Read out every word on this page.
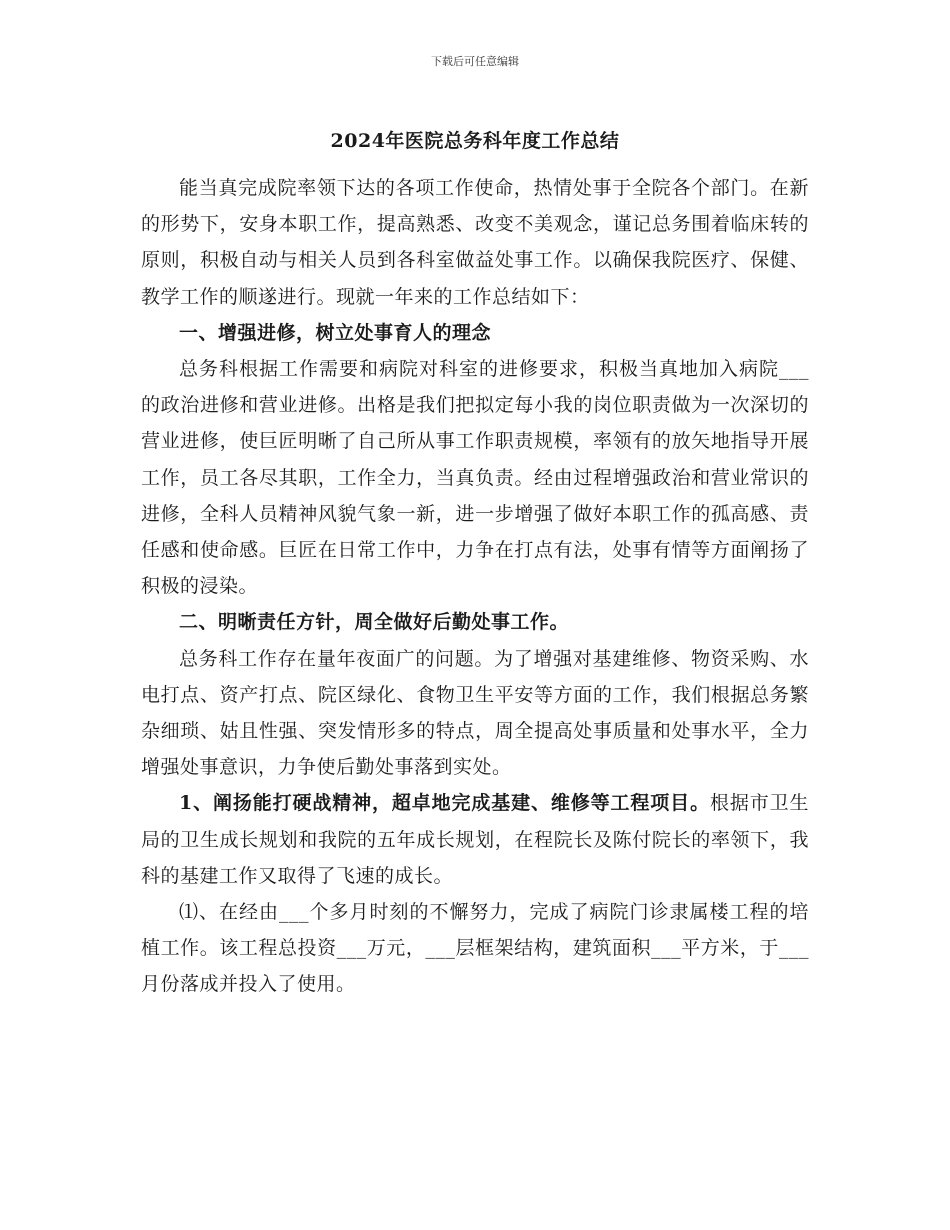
下载后可任意编辑
2024年医院总务科年度工作总结

能当真完成院率领下达的各项工作使命，热情处事于全院各个部门。在新的形势下，安身本职工作，提高熟悉、改变不美观念，谨记总务围着临床转的原则，积极自动与相关人员到各科室做益处事工作。以确保我院医疗、保健、教学工作的顺遂进行。现就一年来的工作总结如下：

一、增强进修，树立处事育人的理念

总务科根据工作需要和病院对科室的进修要求，积极当真地加入病院___的政治进修和营业进修。出格是我们把拟定每小我的岗位职责做为一次深切的营业进修，使巨匠明晰了自己所从事工作职责规模，率领有的放矢地指导开展工作，员工各尽其职，工作全力，当真负责。经由过程增强政治和营业常识的进修，全科人员精神风貌气象一新，进一步增强了做好本职工作的孤高感、责任感和使命感。巨匠在日常工作中，力争在打点有法，处事有情等方面阐扬了积极的浸染。

二、明晰责任方针，周全做好后勤处事工作。

总务科工作存在量年夜面广的问题。为了增强对基建维修、物资采购、水电打点、资产打点、院区绿化、食物卫生平安等方面的工作，我们根据总务繁杂细琐、姑且性强、突发情形多的特点，周全提高处事质量和处事水平，全力增强处事意识，力争使后勤处事落到实处。

1、阐扬能打硬战精神，超卓地完成基建、维修等工程项目。根据市卫生局的卫生成长规划和我院的五年成长规划，在程院长及陈付院长的率领下，我科的基建工作又取得了飞速的成长。

⑴、在经由___个多月时刻的不懈努力，完成了病院门诊隶属楼工程的培植工作。该工程总投资___万元，___层框架结构，建筑面积___平方米，于___月份落成并投入了使用。
